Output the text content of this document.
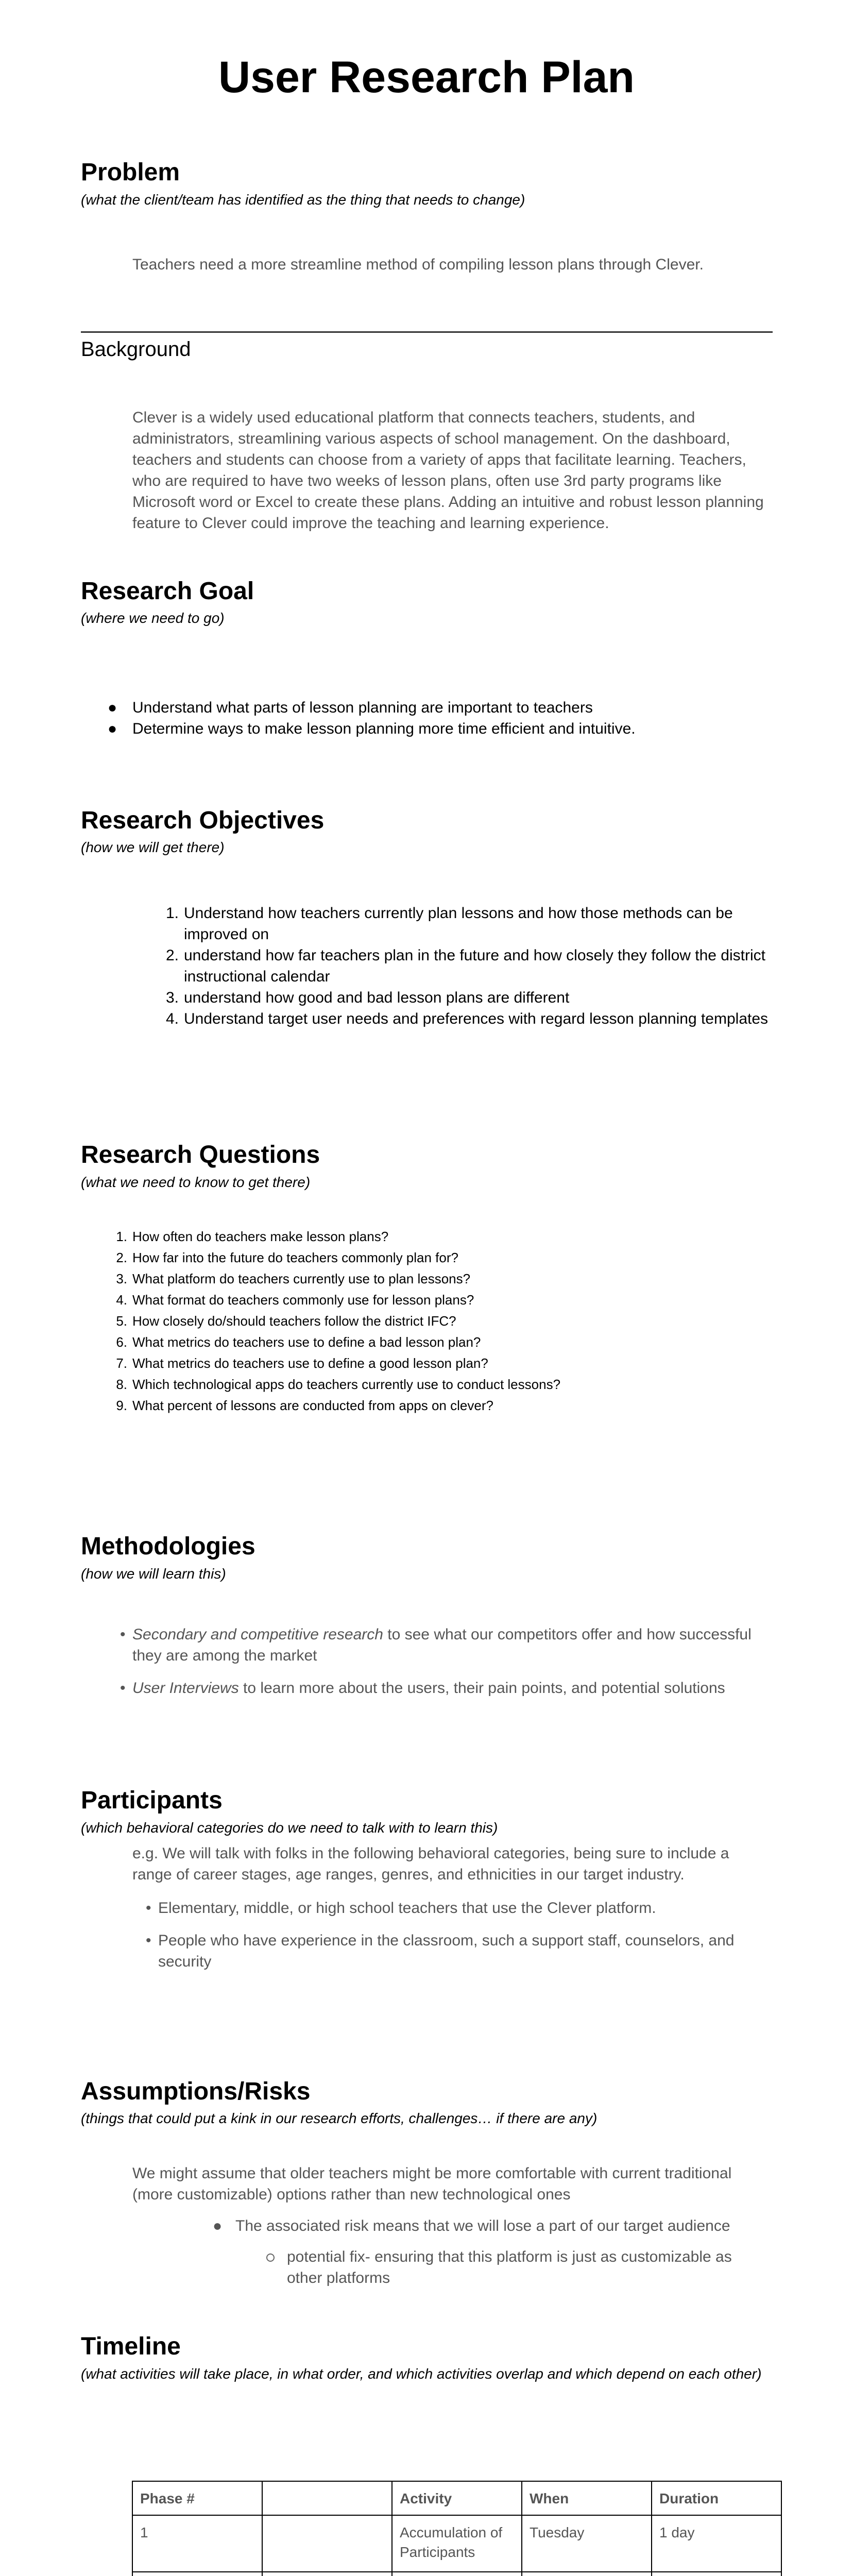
User Research Plan
Problem
(what the client/team has identified as the thing that needs to change)
Teachers need a more streamline method of compiling lesson plans through Clever.
Background
Clever is a widely used educational platform that connects teachers, students, and administrators, streamlining various aspects of school management. On the dashboard, teachers and students can choose from a variety of apps that facilitate learning. Teachers, who are required to have two weeks of lesson plans, often use 3rd party programs like Microsoft word or Excel to create these plans. Adding an intuitive and robust lesson planning feature to Clever could improve the teaching and learning experience.
Research Goal
(where we need to go)
● Understand what parts of lesson planning are important to teachers
● Determine ways to make lesson planning more time efficient and intuitive.
Research Objectives
(how we will get there)
1. Understand how teachers currently plan lessons and how those methods can be improved on
2. understand how far teachers plan in the future and how closely they follow the district instructional calendar
3. understand how good and bad lesson plans are different
4. Understand target user needs and preferences with regard lesson planning templates
Research Questions
(what we need to know to get there)
1. How often do teachers make lesson plans?
2. How far into the future do teachers commonly plan for?
3. What platform do teachers currently use to plan lessons?
4. What format do teachers commonly use for lesson plans?
5. How closely do/should teachers follow the district IFC?
6. What metrics do teachers use to define a bad lesson plan?
7. What metrics do teachers use to define a good lesson plan?
8. Which technological apps do teachers currently use to conduct lessons?
9. What percent of lessons are conducted from apps on clever?
Methodologies
(how we will learn this)
• Secondary and competitive research to see what our competitors offer and how successful they are among the market
• User Interviews to learn more about the users, their pain points, and potential solutions
Participants
(which behavioral categories do we need to talk with to learn this)
e.g. We will talk with folks in the following behavioral categories, being sure to include a range of career stages, age ranges, genres, and ethnicities in our target industry.
• Elementary, middle, or high school teachers that use the Clever platform.
• People who have experience in the classroom, such a support staff, counselors, and security
Assumptions/Risks
(things that could put a kink in our research efforts, challenges… if there are any)
We might assume that older teachers might be more comfortable with current traditional (more customizable) options rather than new technological ones
● The associated risk means that we will lose a part of our target audience
potential fix- ensuring that this platform is just as customizable as other platforms
Timeline
(what activities will take place, in what order, and which activities overlap and which depend on each other)
Phase #		Activity	When	Duration
1		Accumulation of Participants	Tuesday	1 day
